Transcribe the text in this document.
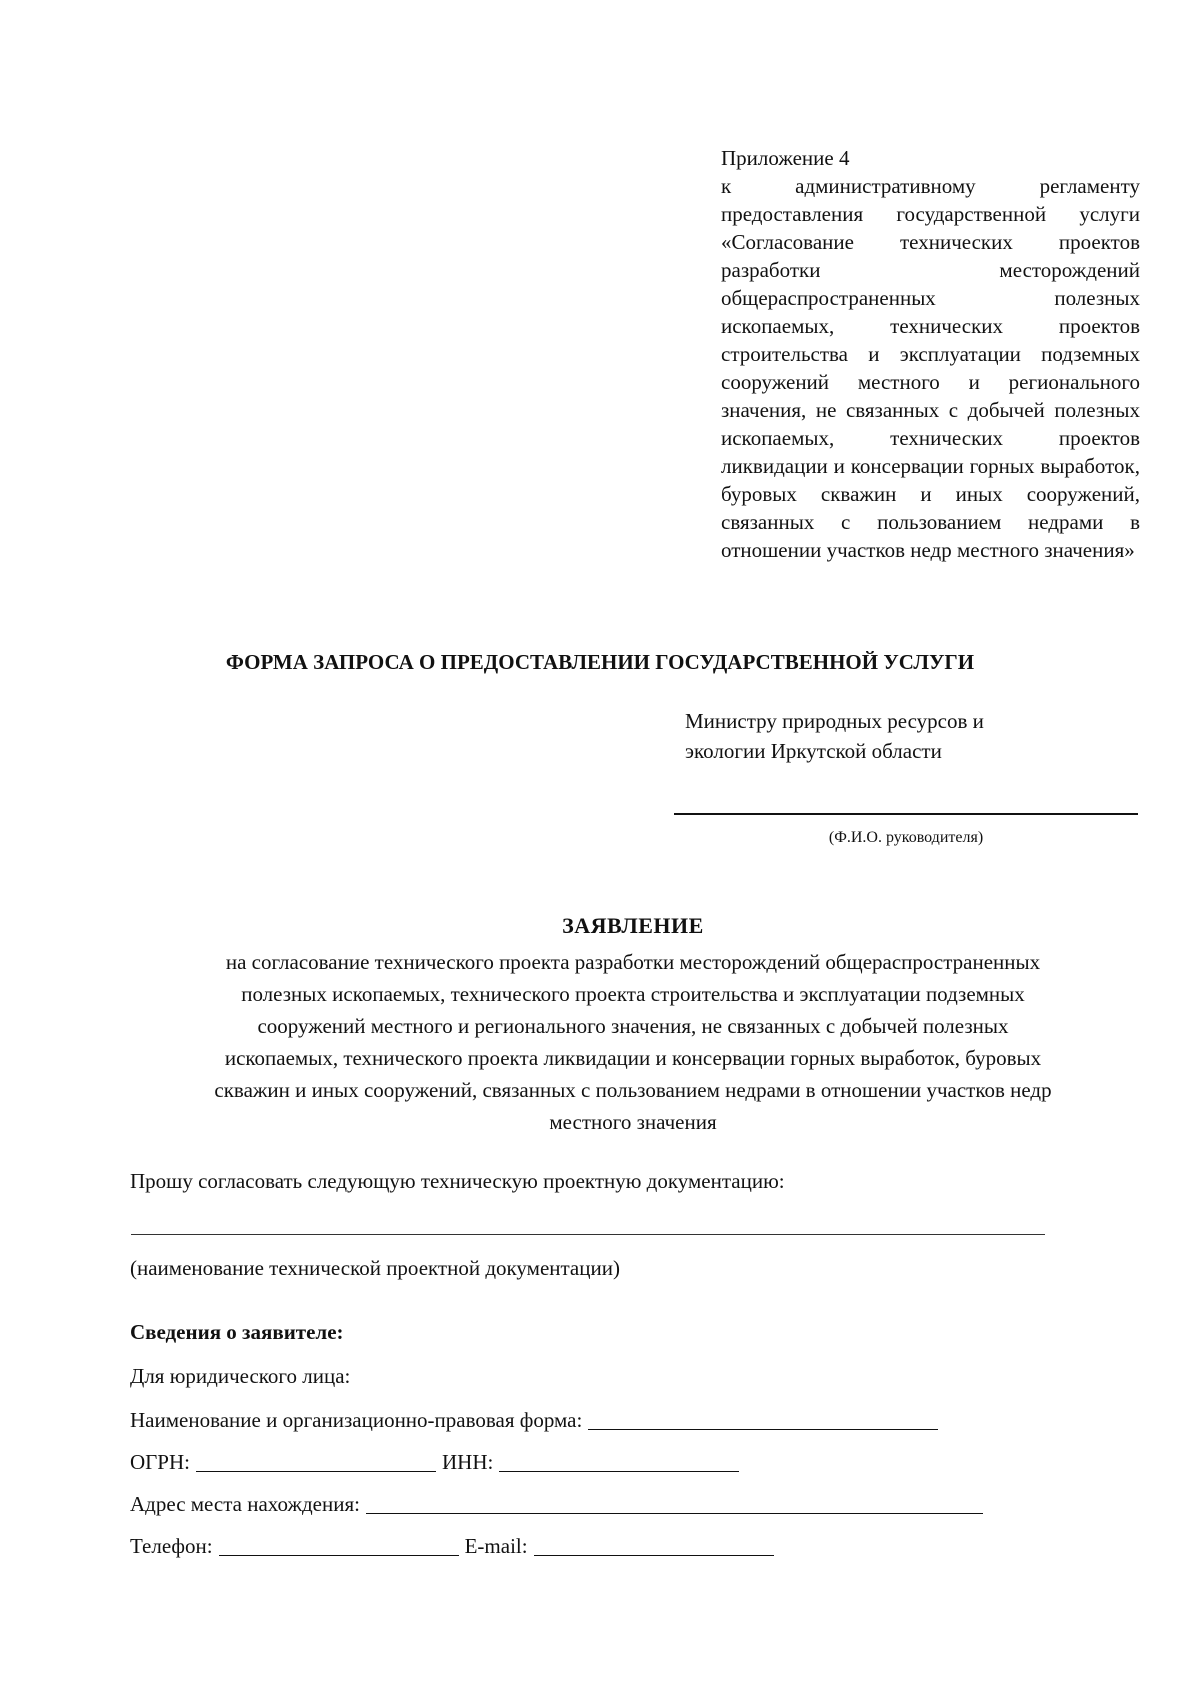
Приложение 4
к административному регламенту предоставления государственной услуги «Согласование технических проектов разработки месторождений общераспространенных полезных ископаемых, технических проектов строительства и эксплуатации подземных сооружений местного и регионального значения, не связанных с добычей полезных ископаемых, технических проектов ликвидации и консервации горных выработок, буровых скважин и иных сооружений, связанных с пользованием недрами в отношении участков недр местного значения»
ФОРМА ЗАПРОСА О ПРЕДОСТАВЛЕНИИ ГОСУДАРСТВЕННОЙ УСЛУГИ
Министру природных ресурсов и
экологии Иркутской области
(Ф.И.О. руководителя)
ЗАЯВЛЕНИЕ
на согласование технического проекта разработки месторождений общераспространенных
полезных ископаемых, технического проекта строительства и эксплуатации подземных
сооружений местного и регионального значения, не связанных с добычей полезных
ископаемых, технического проекта ликвидации и консервации горных выработок, буровых
скважин и иных сооружений, связанных с пользованием недрами в отношении участков недр
местного значения
Прошу согласовать следующую техническую проектную документацию:
(наименование технической проектной документации)
Сведения о заявителе:
Для юридического лица:
Наименование и организационно-правовая форма:
ОГРН:	ИНН:
Адрес места нахождения:
Телефон:	E-mail:
